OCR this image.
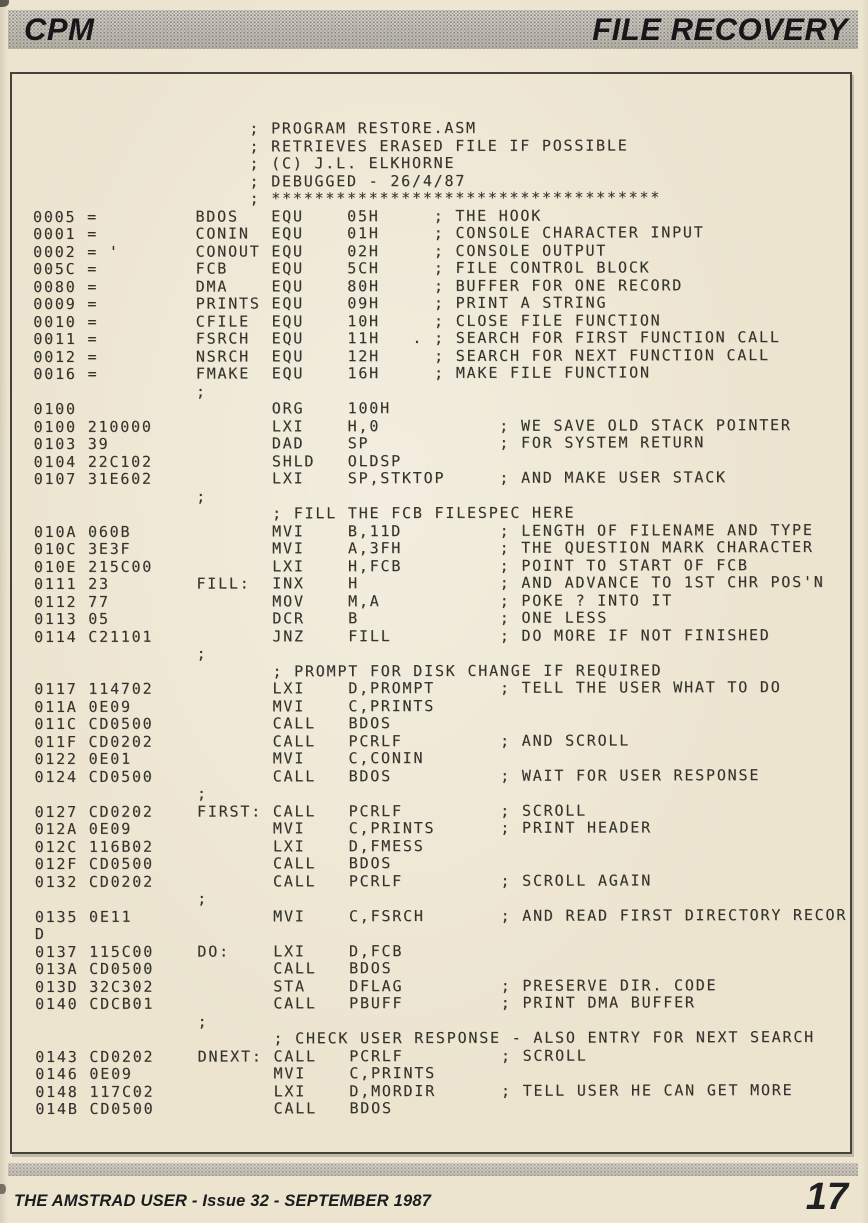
CPM	FILE RECOVERY
; PROGRAM RESTORE.ASM
; RETRIEVES ERASED FILE IF POSSIBLE
; (C) J.L. ELKHORNE
; DEBUGGED - 26/4/87
; ************************************
0005 =         BDOS   EQU    05H     ; THE HOOK
0001 =         CONIN  EQU    01H     ; CONSOLE CHARACTER INPUT
0002 = '       CONOUT EQU    02H     ; CONSOLE OUTPUT
005C =         FCB    EQU    5CH     ; FILE CONTROL BLOCK
0080 =         DMA    EQU    80H     ; BUFFER FOR ONE RECORD
0009 =         PRINTS EQU    09H     ; PRINT A STRING
0010 =         CFILE  EQU    10H     ; CLOSE FILE FUNCTION
0011 =         FSRCH  EQU    11H   . ; SEARCH FOR FIRST FUNCTION CALL
0012 =         NSRCH  EQU    12H     ; SEARCH FOR NEXT FUNCTION CALL
0016 =         FMAKE  EQU    16H     ; MAKE FILE FUNCTION
;
0100                  ORG    100H
0100 210000           LXI    H,0           ; WE SAVE OLD STACK POINTER
0103 39               DAD    SP            ; FOR SYSTEM RETURN
0104 22C102           SHLD   OLDSP
0107 31E602           LXI    SP,STKTOP     ; AND MAKE USER STACK
;
; FILL THE FCB FILESPEC HERE
010A 060B             MVI    B,11D         ; LENGTH OF FILENAME AND TYPE
010C 3E3F             MVI    A,3FH         ; THE QUESTION MARK CHARACTER
010E 215C00           LXI    H,FCB         ; POINT TO START OF FCB
0111 23        FILL:  INX    H             ; AND ADVANCE TO 1ST CHR POS'N
0112 77               MOV    M,A           ; POKE ? INTO IT
0113 05               DCR    B             ; ONE LESS
0114 C21101           JNZ    FILL          ; DO MORE IF NOT FINISHED
;
; PROMPT FOR DISK CHANGE IF REQUIRED
0117 114702           LXI    D,PROMPT      ; TELL THE USER WHAT TO DO
011A 0E09             MVI    C,PRINTS
011C CD0500           CALL   BDOS
011F CD0202           CALL   PCRLF         ; AND SCROLL
0122 0E01             MVI    C,CONIN
0124 CD0500           CALL   BDOS          ; WAIT FOR USER RESPONSE
;
0127 CD0202    FIRST: CALL   PCRLF         ; SCROLL
012A 0E09             MVI    C,PRINTS      ; PRINT HEADER
012C 116B02           LXI    D,FMESS
012F CD0500           CALL   BDOS
0132 CD0202           CALL   PCRLF         ; SCROLL AGAIN
;
0135 0E11             MVI    C,FSRCH       ; AND READ FIRST DIRECTORY RECOR
D
0137 115C00    DO:    LXI    D,FCB
013A CD0500           CALL   BDOS
013D 32C302           STA    DFLAG         ; PRESERVE DIR. CODE
0140 CDCB01           CALL   PBUFF         ; PRINT DMA BUFFER
;
; CHECK USER RESPONSE - ALSO ENTRY FOR NEXT SEARCH
0143 CD0202    DNEXT: CALL   PCRLF         ; SCROLL
0146 0E09             MVI    C,PRINTS
0148 117C02           LXI    D,MORDIR      ; TELL USER HE CAN GET MORE
014B CD0500           CALL   BDOS
THE AMSTRAD USER - Issue 32 - SEPTEMBER 1987	17
